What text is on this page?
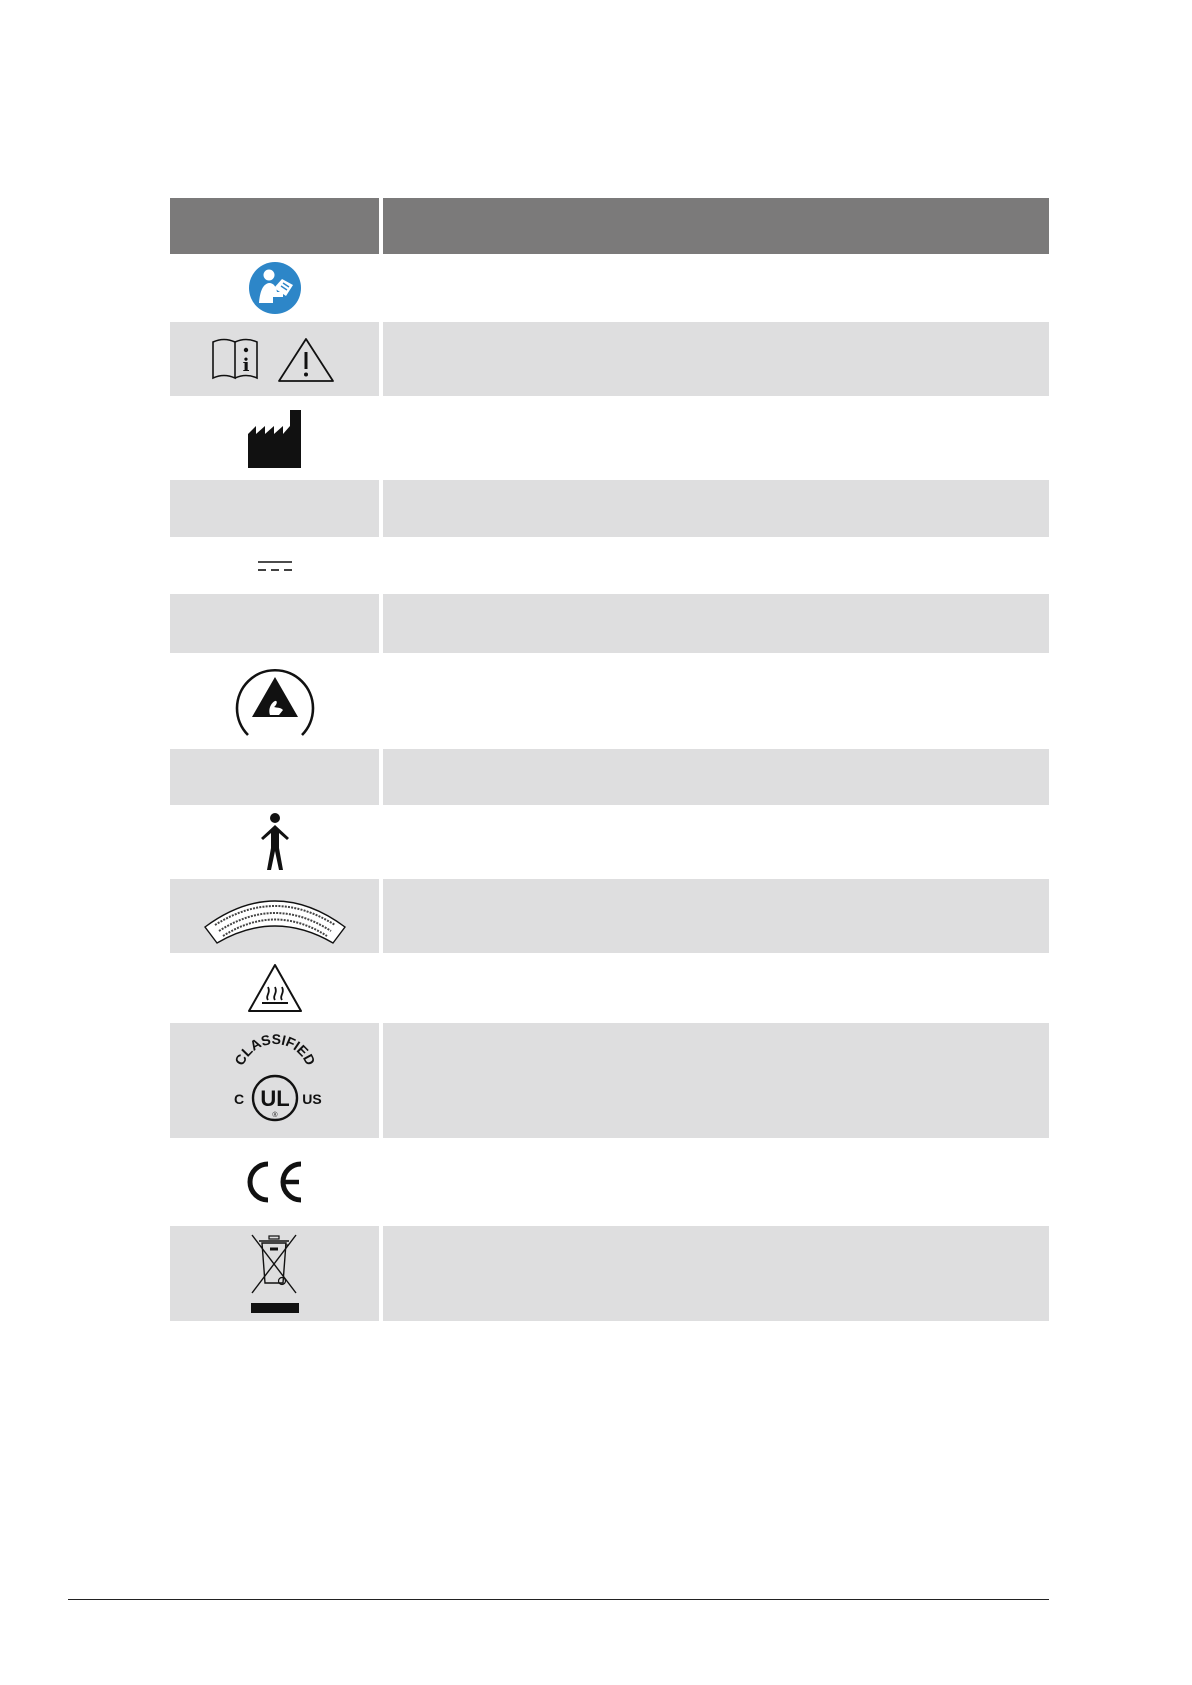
i	

CLASSIFIED
UL
®
C US	
